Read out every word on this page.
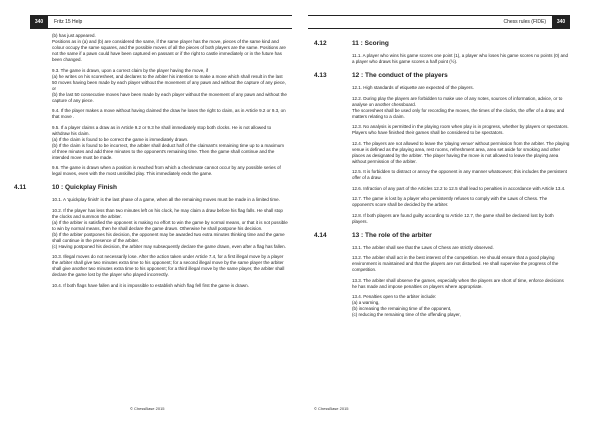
340	Fritz 15 Help

(b) has just appeared.
Positions as in (a) and (b) are considered the same, if the same player has the move, pieces of the same kind and colour occupy the same squares, and the possible moves of all the pieces of both players are the same. Positions are not the same if a pawn could have been captured en passant or if the right to castle immediately or in the future has been changed.

9.3. The game is drawn, upon a correct claim by the player having the move, if
(a) he writes on his scoresheet, and declares to the arbiter his intention to make a move which shall result in the last 50 moves having been made by each player without the movement of any pawn and without the capture of any piece, or
(b) the last 50 consecutive moves have been made by each player without the movement of any pawn and without the capture of any piece.

9.4. If the player makes a move without having claimed the draw he loses the right to claim, as in Article 9.2 or 9.3, on that move .

9.5. If a player claims a draw as in Article 9.2 or 9.3 he shall immediately stop both clocks. He is not allowed to withdraw his claim.
(a) If the claim is found to be correct the game is immediately drawn.
(b) If the claim is found to be incorrect, the arbiter shall deduct half of the claimant's remaining time up to a maximum of three minutes and add three minutes to the opponent's remaining time. Then the game shall continue and the intended move must be made.

9.6. The game is drawn when a position is reached from which a checkmate cannot occur by any possible series of legal moves, even with the most unskilled play. This immediately ends the game.

4.11	10 : Quickplay Finish

10.1. A 'quickplay finish' is the last phase of a game, when all the remaining moves must be made in a limited time.

10.2. If the player has less than two minutes left on his clock, he may claim a draw before his flag falls. He shall stop the clocks and summon the arbiter.
(a) If the arbiter is satisfied the opponent is making no effort to win the game by normal means, or that it is not possible to win by normal means, then he shall declare the game drawn. Otherwise he shall postpone his decision.
(b) If the arbiter postpones his decision, the opponent may be awarded two extra minutes thinking time and the game shall continue in the presence of the arbiter.
(c) Having postponed his decision, the arbiter may subsequently declare the game drawn, even after a flag has fallen.

10.3. Illegal moves do not necessarily lose. After the action taken under Article 7.4, for a first illegal move by a player the arbiter shall give two minutes extra time to his opponent; for a second illegal move by the same player the arbiter shall give another two minutes extra time to his opponent; for a third illegal move by the same player, the arbiter shall declare the game lost by the player who played incorrectly.

10.4. If both flags have fallen and it is impossible to establish which flag fell first the game is drawn.

© ChessBase 2015
Chess rules (FIDE)	340
4.12	11 : Scoring

11.1. A player who wins his game scores one point (1), a player who loses his game scores no points (0) and a player who draws his game scores a half point (½).

4.13	12 : The conduct of the players

12.1. High standards of etiquette are expected of the players.

12.2. During play the players are forbidden to make use of any notes, sources of information, advice, or to analyse on another chessboard.
The scoresheet shall be used only for recording the moves, the times of the clocks, the offer of a draw, and matters relating to a claim.

12.3. No analysis is permitted in the playing room when play is in progress, whether by players or spectators. Players who have finished their games shall be considered to be spectators.

12.4. The players are not allowed to leave the 'playing venue' without permission from the arbiter. The playing venue is defined as the playing area, rest rooms, refreshment area, area set aside for smoking and other places as designated by the arbiter. The player having the move is not allowed to leave the playing area without permission of the arbiter.

12.5. It is forbidden to distract or annoy the opponent in any manner whatsoever; this includes the persistent offer of a draw.

12.6. Infraction of any part of the Articles 12.2 to 12.5 shall lead to penalties in accordance with Article 13.4.

12.7. The game is lost by a player who persistently refuses to comply with the Laws of Chess. The opponent's score shall be decided by the arbiter.

12.8. If both players are found guilty according to Article 12.7, the game shall be declared lost by both players.

4.14	13 : The role of the arbiter

13.1. The arbiter shall see that the Laws of Chess are strictly observed.

13.2. The arbiter shall act in the best interest of the competition. He should ensure that a good playing environment is maintained and that the players are not disturbed. He shall supervise the progress of the competition.

13.3. The arbiter shall observe the games, especially when the players are short of time, enforce decisions he has made and impose penalties on players where appropriate.

13.4. Penalties open to the arbiter include:
(a) a warning,
(b) increasing the remaining time of the opponent,
(c) reducing the remaining time of the offending player,

© ChessBase 2015
